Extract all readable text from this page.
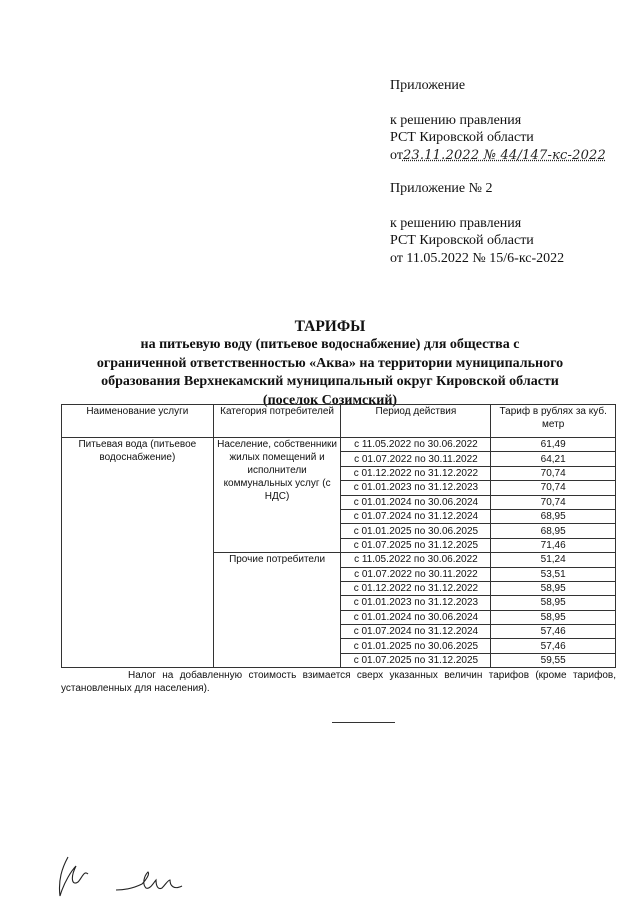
Приложение
к решению правления
РСТ Кировской области
от23.11.2022 № 44/147-кс-2022
Приложение № 2
к решению правления
РСТ Кировской области
от 11.05.2022 № 15/6-кс-2022
ТАРИФЫ
на питьевую воду (питьевое водоснабжение) для общества с
ограниченной ответственностью «Аква» на территории муниципального
образования Верхнекамский муниципальный округ Кировской области
(поселок Созимский)
Наименование услуги	Категория потребителей	Период действия	Тариф в рублях за куб. метр
Питьевая вода (питьевое водоснабжение)	Население, собственники жилых помещений и исполнители коммунальных услуг (с НДС)	с 11.05.2022 по 30.06.2022	61,49
		с 01.07.2022 по 30.11.2022	64,21
		с 01.12.2022 по 31.12.2022	70,74
		с 01.01.2023 по 31.12.2023	70,74
		с 01.01.2024 по 30.06.2024	70,74
		с 01.07.2024 по 31.12.2024	68,95
		с 01.01.2025 по 30.06.2025	68,95
		с 01.07.2025 по 31.12.2025	71,46
	Прочие потребители	с 11.05.2022 по 30.06.2022	51,24
		с 01.07.2022 по 30.11.2022	53,51
		с 01.12.2022 по 31.12.2022	58,95
		с 01.01.2023 по 31.12.2023	58,95
		с 01.01.2024 по 30.06.2024	58,95
		с 01.07.2024 по 31.12.2024	57,46
		с 01.01.2025 по 30.06.2025	57,46
		с 01.07.2025 по 31.12.2025	59,55
Налог на добавленную стоимость взимается сверх указанных величин тарифов (кроме тарифов, установленных для населения).
